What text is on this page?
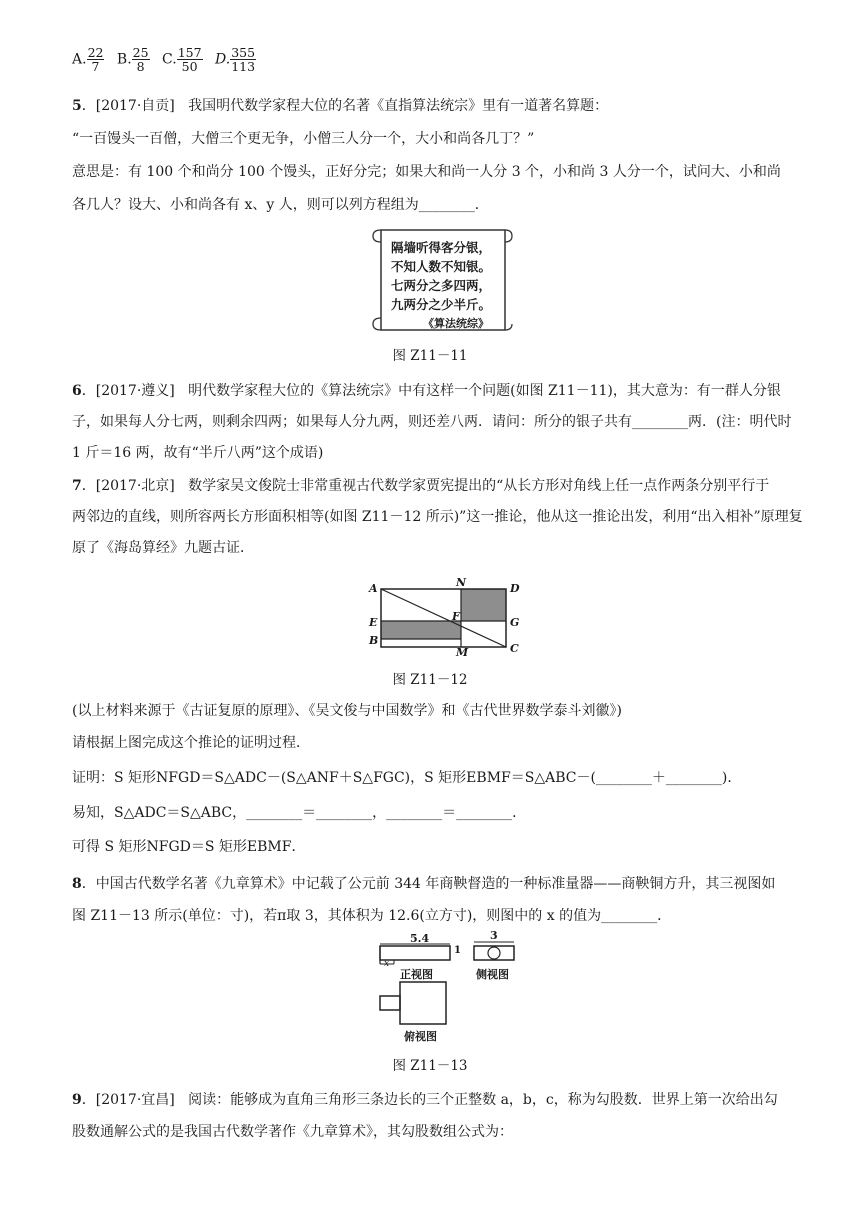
A. $\frac{22}{7} B$. $\frac{25}{8} C$. $\frac{157}{50} D$. $\frac{355}{113}$
5．[2017·自贡] 我国明代数学家程大位的名著《直指算法统宗》里有一道著名算题：
“一百馒头一百僧，大僧三个更无争，小僧三人分一个，大小和尚各几丁？”
意思是：有 100 个和尚分 100 个馒头，正好分完；如果大和尚一人分 3 个，小和尚 3 人分一个，试问大、小和尚
各几人？设大、小和尚各有 x、y 人，则可以列方程组为________．
隔墙听得客分银，
不知人数不知银。
七两分之多四两，
九两分之少半斤。
《算法统综》
图 Z11－11
6．[2017·遵义] 明代数学家程大位的《算法统宗》中有这样一个问题(如图 Z11－11)，其大意为：有一群人分银
子，如果每人分七两，则剩余四两；如果每人分九两，则还差八两．请问：所分的银子共有________两．(注：明代时
1 斤＝16 两，故有“半斤八两”这个成语)
7．[2017·北京] 数学家吴文俊院士非常重视古代数学家贾宪提出的“从长方形对角线上任一点作两条分别平行于
两邻边的直线，则所容两长方形面积相等(如图 Z11－12 所示)”这一推论，他从这一推论出发，利用“出入相补”原理复
原了《海岛算经》九题古证．
A	N	D
F
E	G
B
M	C
图 Z11－12
(以上材料来源于《古证复原的原理》、《吴文俊与中国数学》和《古代世界数学泰斗刘徽》)
请根据上图完成这个推论的证明过程．
证明：S 矩形NFGD＝S△ADC－(S△ANF＋S△FGC)，S 矩形EBMF＝S△ABC－(________＋________)．
易知，S△ADC＝S△ABC，________＝________，________＝________．
可得 S 矩形NFGD＝S 矩形EBMF．
8．中国古代数学名著《九章算术》中记载了公元前 344 年商鞅督造的一种标准量器——商鞅铜方升，其三视图如
图 Z11－13 所示(单位：寸)，若π取 3，其体积为 12.6(立方寸)，则图中的 x 的值为________．
5.4
1
3
x
正视图	侧视图
俯视图
图 Z11－13
9．[2017·宜昌] 阅读：能够成为直角三角形三条边长的三个正整数 a，b，c，称为勾股数．世界上第一次给出勾
股数通解公式的是我国古代数学著作《九章算术》，其勾股数组公式为：
